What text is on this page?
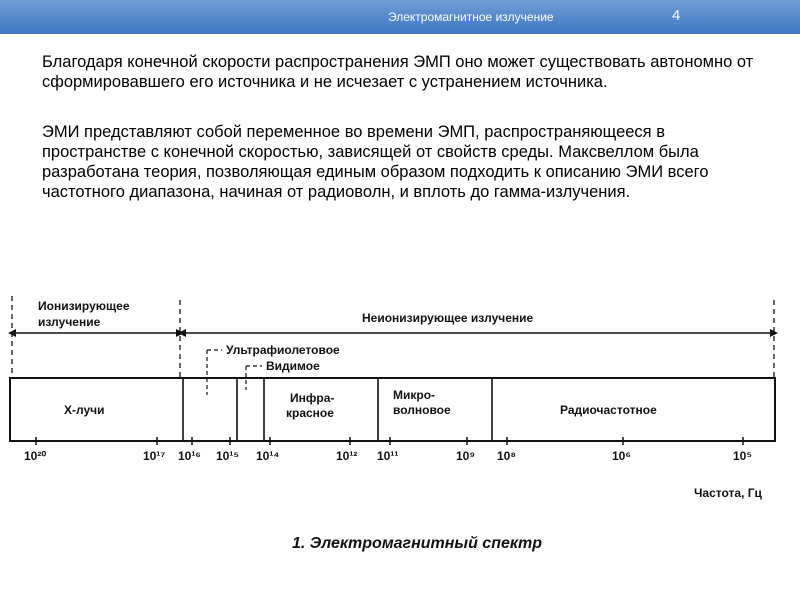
Электромагнитное излучение	4

Благодаря конечной скорости распространения ЭМП оно может существовать автономно от сформировавшего его источника и не исчезает с устранением источника.

ЭМИ представляют собой переменное во времени ЭМП, распространяющееся в пространстве с конечной скоростью, зависящей от свойств среды. Максвеллом была разработана теория, позволяющая единым образом подходить к описанию ЭМИ всего частотного диапазона, начиная от радиоволн, и вплоть до гамма-излучения.

Ионизирующее
излучение	Неионизирующее излучение
Ультрафиолетовое
Видимое
Х-лучи
Инфра-
красное
Микро-
волновое	Радиочастотное
10²⁰	10¹⁷ 10¹⁶ 10¹⁵ 10¹⁴	10¹² 10¹¹	10⁹ 10⁸	10⁶	10⁵
Частота, Гц
1. Электромагнитный спектр
